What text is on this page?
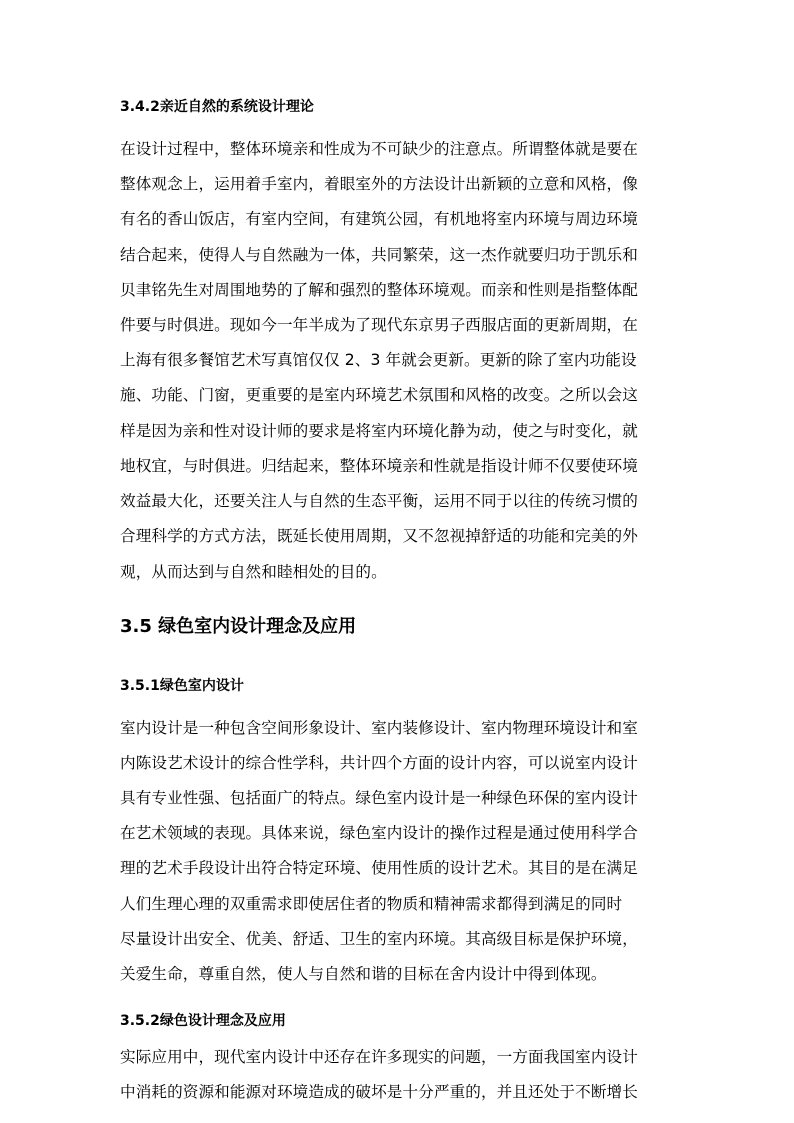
3.4.2亲近自然的系统设计理论
在设计过程中，整体环境亲和性成为不可缺少的注意点。所谓整体就是要在
整体观念上，运用着手室内，着眼室外的方法设计出新颖的立意和风格，像
有名的香山饭店，有室内空间，有建筑公园，有机地将室内环境与周边环境
结合起来，使得人与自然融为一体，共同繁荣，这一杰作就要归功于凯乐和
贝聿铭先生对周围地势的了解和强烈的整体环境观。而亲和性则是指整体配
件要与时俱进。现如今一年半成为了现代东京男子西服店面的更新周期，在
上海有很多餐馆艺术写真馆仅仅 2、3 年就会更新。更新的除了室内功能设
施、功能、门窗，更重要的是室内环境艺术氛围和风格的改变。之所以会这
样是因为亲和性对设计师的要求是将室内环境化静为动，使之与时变化，就
地权宜，与时俱进。归结起来，整体环境亲和性就是指设计师不仅要使环境
效益最大化，还要关注人与自然的生态平衡，运用不同于以往的传统习惯的
合理科学的方式方法，既延长使用周期，又不忽视掉舒适的功能和完美的外
观，从而达到与自然和睦相处的目的。
3.5 绿色室内设计理念及应用
3.5.1绿色室内设计
室内设计是一种包含空间形象设计、室内装修设计、室内物理环境设计和室
内陈设艺术设计的综合性学科，共计四个方面的设计内容，可以说室内设计
具有专业性强、包括面广的特点。绿色室内设计是一种绿色环保的室内设计
在艺术领域的表现。具体来说，绿色室内设计的操作过程是通过使用科学合
理的艺术手段设计出符合特定环境、使用性质的设计艺术。其目的是在满足
人们生理心理的双重需求即使居住者的物质和精神需求都得到满足的同时
尽量设计出安全、优美、舒适、卫生的室内环境。其高级目标是保护环境，
关爱生命，尊重自然，使人与自然和谐的目标在舍内设计中得到体现。
3.5.2绿色设计理念及应用
实际应用中，现代室内设计中还存在许多现实的问题，一方面我国室内设计
中消耗的资源和能源对环境造成的破坏是十分严重的，并且还处于不断增长
